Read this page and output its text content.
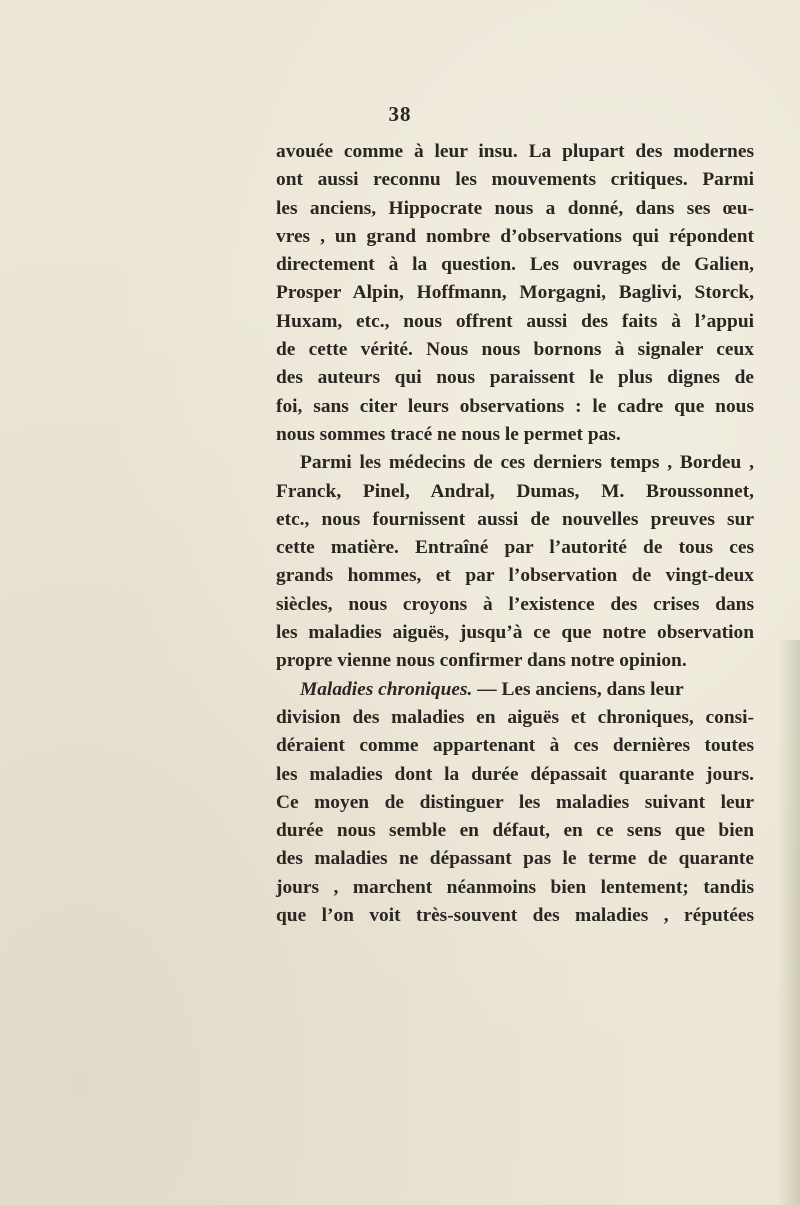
38
avouée comme à leur insu. La plupart des modernes
ont aussi reconnu les mouvements critiques. Parmi
les anciens, Hippocrate nous a donné, dans ses œu-
vres , un grand nombre d’observations qui répondent
directement à la question. Les ouvrages de Galien,
Prosper Alpin, Hoffmann, Morgagni, Baglivi, Storck,
Huxam, etc., nous offrent aussi des faits à l’appui
de cette vérité. Nous nous bornons à signaler ceux
des auteurs qui nous paraissent le plus dignes de
foi, sans citer leurs observations : le cadre que nous
nous sommes tracé ne nous le permet pas.
Parmi les médecins de ces derniers temps , Bordeu ,
Franck, Pinel, Andral, Dumas, M. Broussonnet,
etc., nous fournissent aussi de nouvelles preuves sur
cette matière. Entraîné par l’autorité de tous ces
grands hommes, et par l’observation de vingt-deux
siècles, nous croyons à l’existence des crises dans
les maladies aiguës, jusqu’à ce que notre observation
propre vienne nous confirmer dans notre opinion.
Maladies chroniques. — Les anciens, dans leur
division des maladies en aiguës et chroniques, consi-
déraient comme appartenant à ces dernières toutes
les maladies dont la durée dépassait quarante jours.
Ce moyen de distinguer les maladies suivant leur
durée nous semble en défaut, en ce sens que bien
des maladies ne dépassant pas le terme de quarante
jours , marchent néanmoins bien lentement; tandis
que l’on voit très-souvent des maladies , réputées
